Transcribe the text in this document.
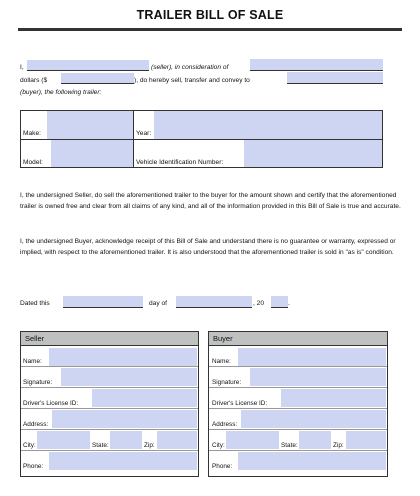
TRAILER BILL OF SALE
I,	(seller), in consideration of
dollars ($	), do hereby sell, transfer and convey to
(buyer), the following trailer:
Make:	Year:
Model:	Vehicle Identification Number:
I, the undersigned Seller, do sell the aforementioned trailer to the buyer for the amount shown and certify that the aforementioned trailer is owned free and clear from all claims of any kind, and all of the information provided in this Bill of Sale is true and accurate.
I, the undersigned Buyer, acknowledge receipt of this Bill of Sale and understand there is no guarantee or warranty, expressed or implied, with respect to the aforementioned trailer. It is also understood that the aforementioned trailer is sold in "as is" condition.
Dated this	day of	, 20	.
Seller
Name:
Signature:
Driver's License ID:
Address:
City:	State:	Zip:
Phone:
Buyer
Name:
Signature:
Driver's License ID:
Address:
City:	State:	Zip:
Phone:
